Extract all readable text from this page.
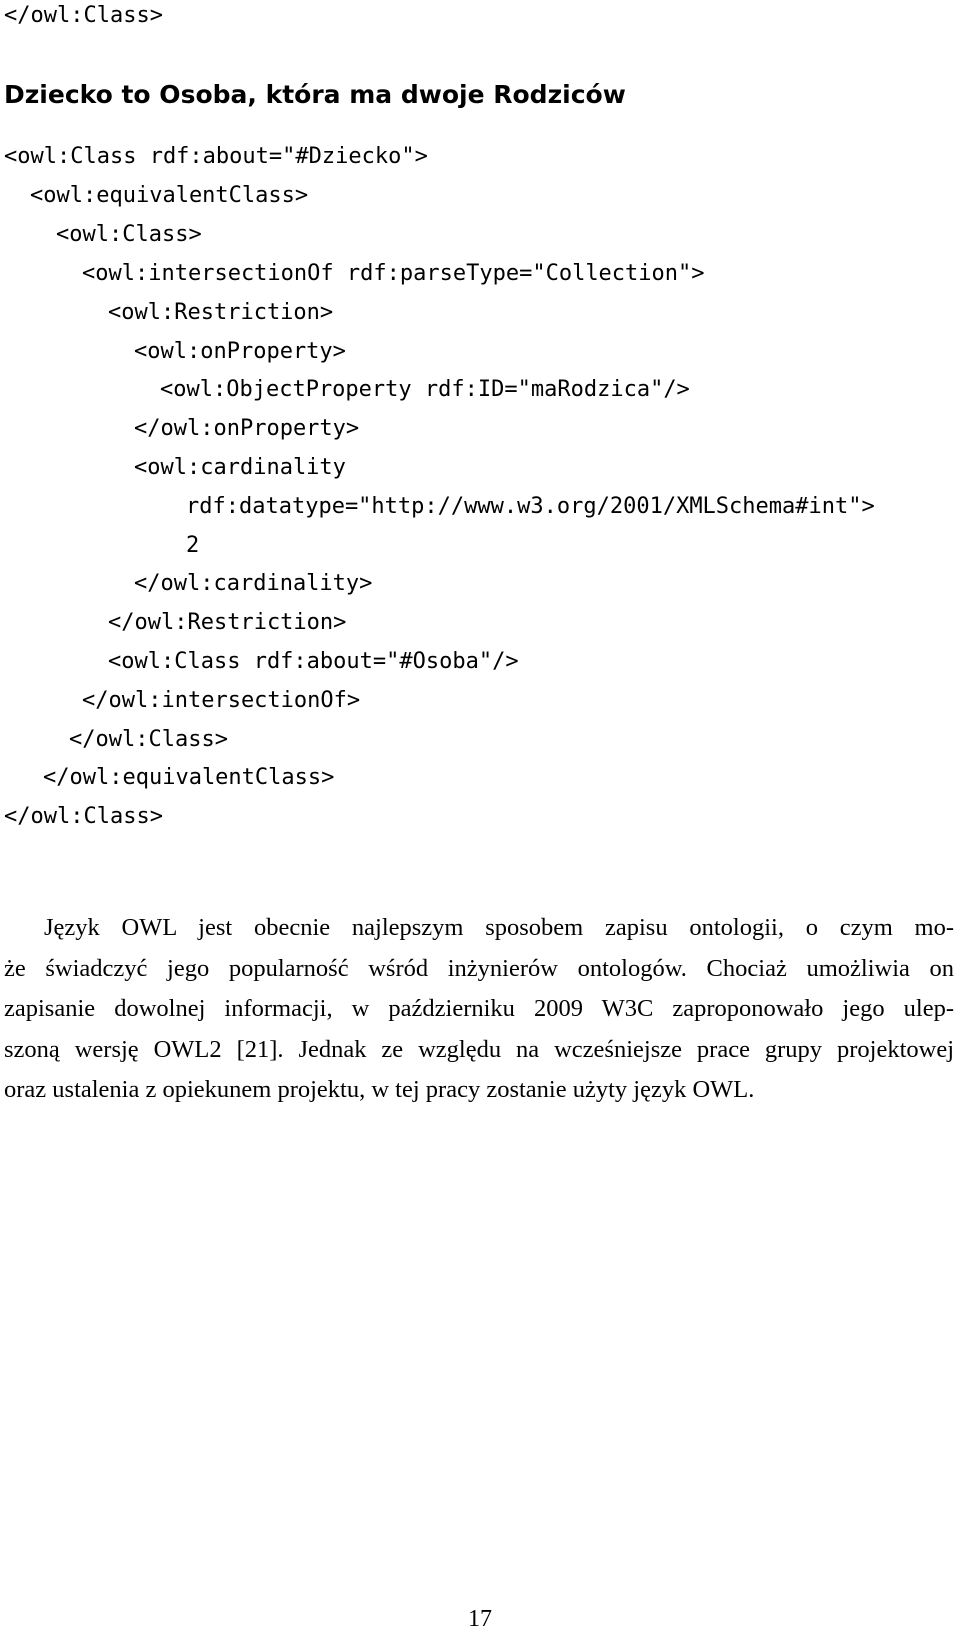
</owl:Class>
Dziecko to Osoba, która ma dwoje Rodziców
<owl:Class rdf:about="#Dziecko">
<owl:equivalentClass>
<owl:Class>
<owl:intersectionOf rdf:parseType="Collection">
<owl:Restriction>
<owl:onProperty>
<owl:ObjectProperty rdf:ID="maRodzica"/>
</owl:onProperty>
<owl:cardinality
rdf:datatype="http://www.w3.org/2001/XMLSchema#int">
2
</owl:cardinality>
</owl:Restriction>
<owl:Class rdf:about="#Osoba"/>
</owl:intersectionOf>
</owl:Class>
</owl:equivalentClass>
</owl:Class>
Język OWL jest obecnie najlepszym sposobem zapisu ontologii, o czym mo-
że świadczyć jego popularność wśród inżynierów ontologów. Chociaż umożliwia on
zapisanie dowolnej informacji, w październiku 2009 W3C zaproponowało jego ulep-
szoną wersję OWL2 [21]. Jednak ze względu na wcześniejsze prace grupy projektowej
oraz ustalenia z opiekunem projektu, w tej pracy zostanie użyty język OWL.
17
